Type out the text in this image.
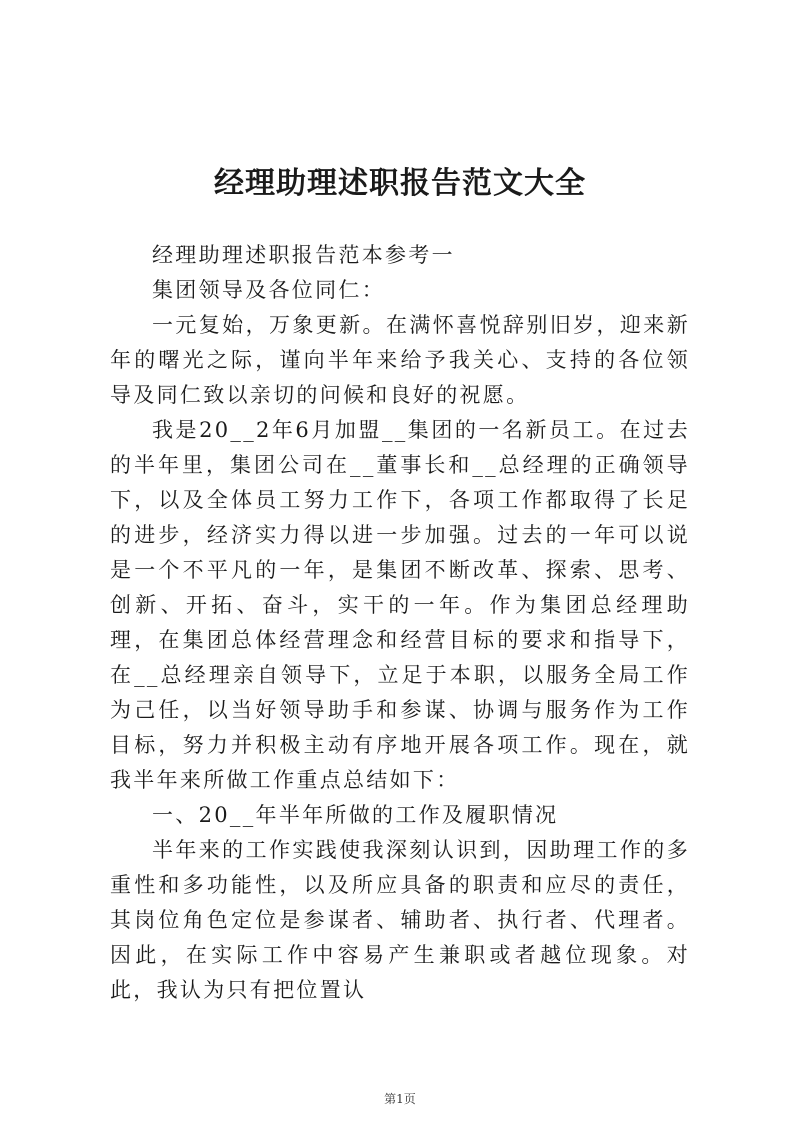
经理助理述职报告范文大全

经理助理述职报告范本参考一

集团领导及各位同仁：

一元复始，万象更新。在满怀喜悦辞别旧岁，迎来新年的曙光之际，谨向半年来给予我关心、支持的各位领导及同仁致以亲切的问候和良好的祝愿。

我是20__2年6月加盟__集团的一名新员工。在过去的半年里，集团公司在__董事长和__总经理的正确领导下，以及全体员工努力工作下，各项工作都取得了长足的进步，经济实力得以进一步加强。过去的一年可以说是一个不平凡的一年，是集团不断改革、探索、思考、创新、开拓、奋斗，实干的一年。作为集团总经理助理，在集团总体经营理念和经营目标的要求和指导下，在__总经理亲自领导下，立足于本职，以服务全局工作为己任，以当好领导助手和参谋、协调与服务作为工作目标，努力并积极主动有序地开展各项工作。现在，就我半年来所做工作重点总结如下：

一、20__年半年所做的工作及履职情况

半年来的工作实践使我深刻认识到，因助理工作的多重性和多功能性，以及所应具备的职责和应尽的责任，其岗位角色定位是参谋者、辅助者、执行者、代理者。因此，在实际工作中容易产生兼职或者越位现象。对此，我认为只有把位置认

第1页
